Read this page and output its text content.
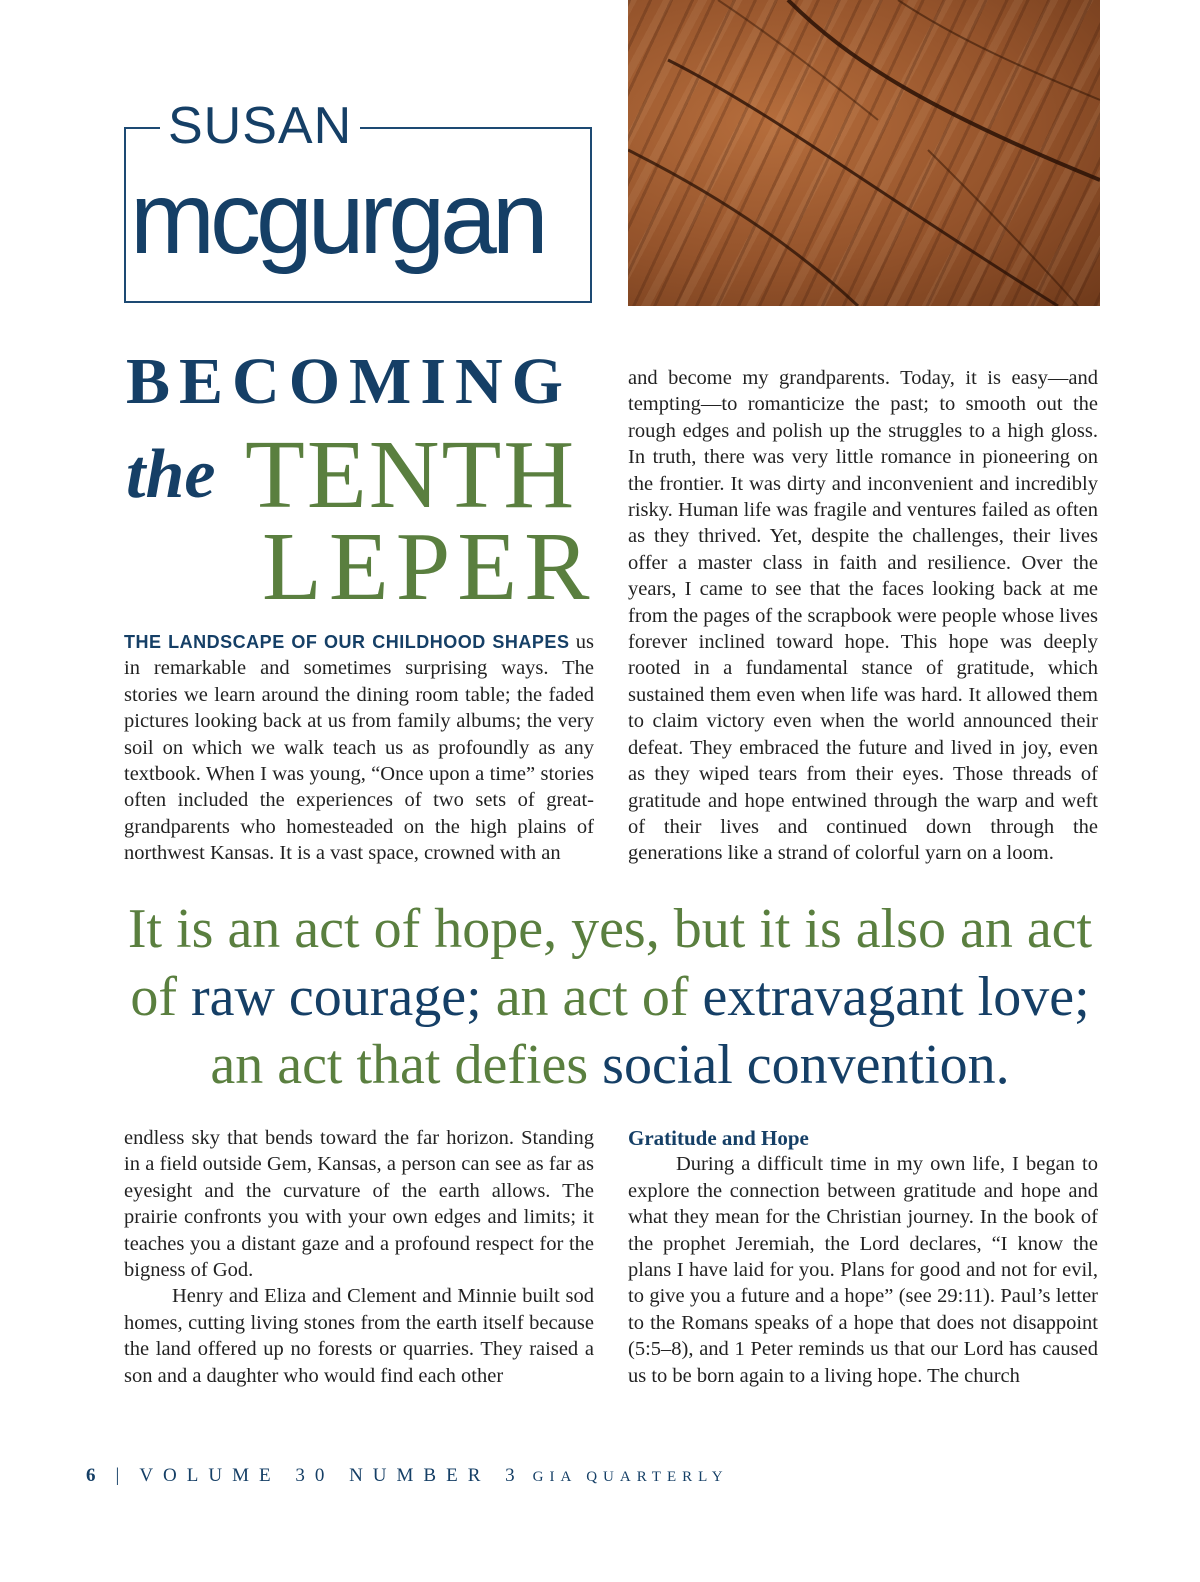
SUSAN
mcgurgan
BECOMING
the TENTH
LEPER

THE LANDSCAPE OF OUR CHILDHOOD SHAPES us in remarkable and sometimes surprising ways. The stories we learn around the dining room table; the faded pictures looking back at us from family albums; the very soil on which we walk teach us as profoundly as any textbook. When I was young, “Once upon a time” stories often included the experiences of two sets of great-grandparents who homesteaded on the high plains of northwest Kansas. It is a vast space, crowned with an

and become my grandparents. Today, it is easy—and tempting—to romanticize the past; to smooth out the rough edges and polish up the struggles to a high gloss. In truth, there was very little romance in pioneering on the frontier. It was dirty and inconvenient and incredibly risky. Human life was fragile and ventures failed as often as they thrived. Yet, despite the challenges, their lives offer a master class in faith and resilience. Over the years, I came to see that the faces looking back at me from the pages of the scrapbook were people whose lives forever inclined toward hope. This hope was deeply rooted in a fundamental stance of gratitude, which sustained them even when life was hard. It allowed them to claim victory even when the world announced their defeat. They embraced the future and lived in joy, even as they wiped tears from their eyes. Those threads of gratitude and hope entwined through the warp and weft of their lives and continued down through the generations like a strand of colorful yarn on a loom.

It is an act of hope, yes, but it is also an act of raw courage; an act of extravagant love;
an act that defies social convention.

endless sky that bends toward the far horizon. Standing in a field outside Gem, Kansas, a person can see as far as eyesight and the curvature of the earth allows. The prairie confronts you with your own edges and limits; it teaches you a distant gaze and a profound respect for the bigness of God.

Henry and Eliza and Clement and Minnie built sod homes, cutting living stones from the earth itself because the land offered up no forests or quarries. They raised a son and a daughter who would find each other

Gratitude and Hope

During a difficult time in my own life, I began to explore the connection between gratitude and hope and what they mean for the Christian journey. In the book of the prophet Jeremiah, the Lord declares, “I know the plans I have laid for you. Plans for good and not for evil, to give you a future and a hope” (see 29:11). Paul’s letter to the Romans speaks of a hope that does not disappoint (5:5–8), and 1 Peter reminds us that our Lord has caused us to be born again to a living hope. The church

6 | VOLUME 30 NUMBER 3 GIA QUARTERLY
